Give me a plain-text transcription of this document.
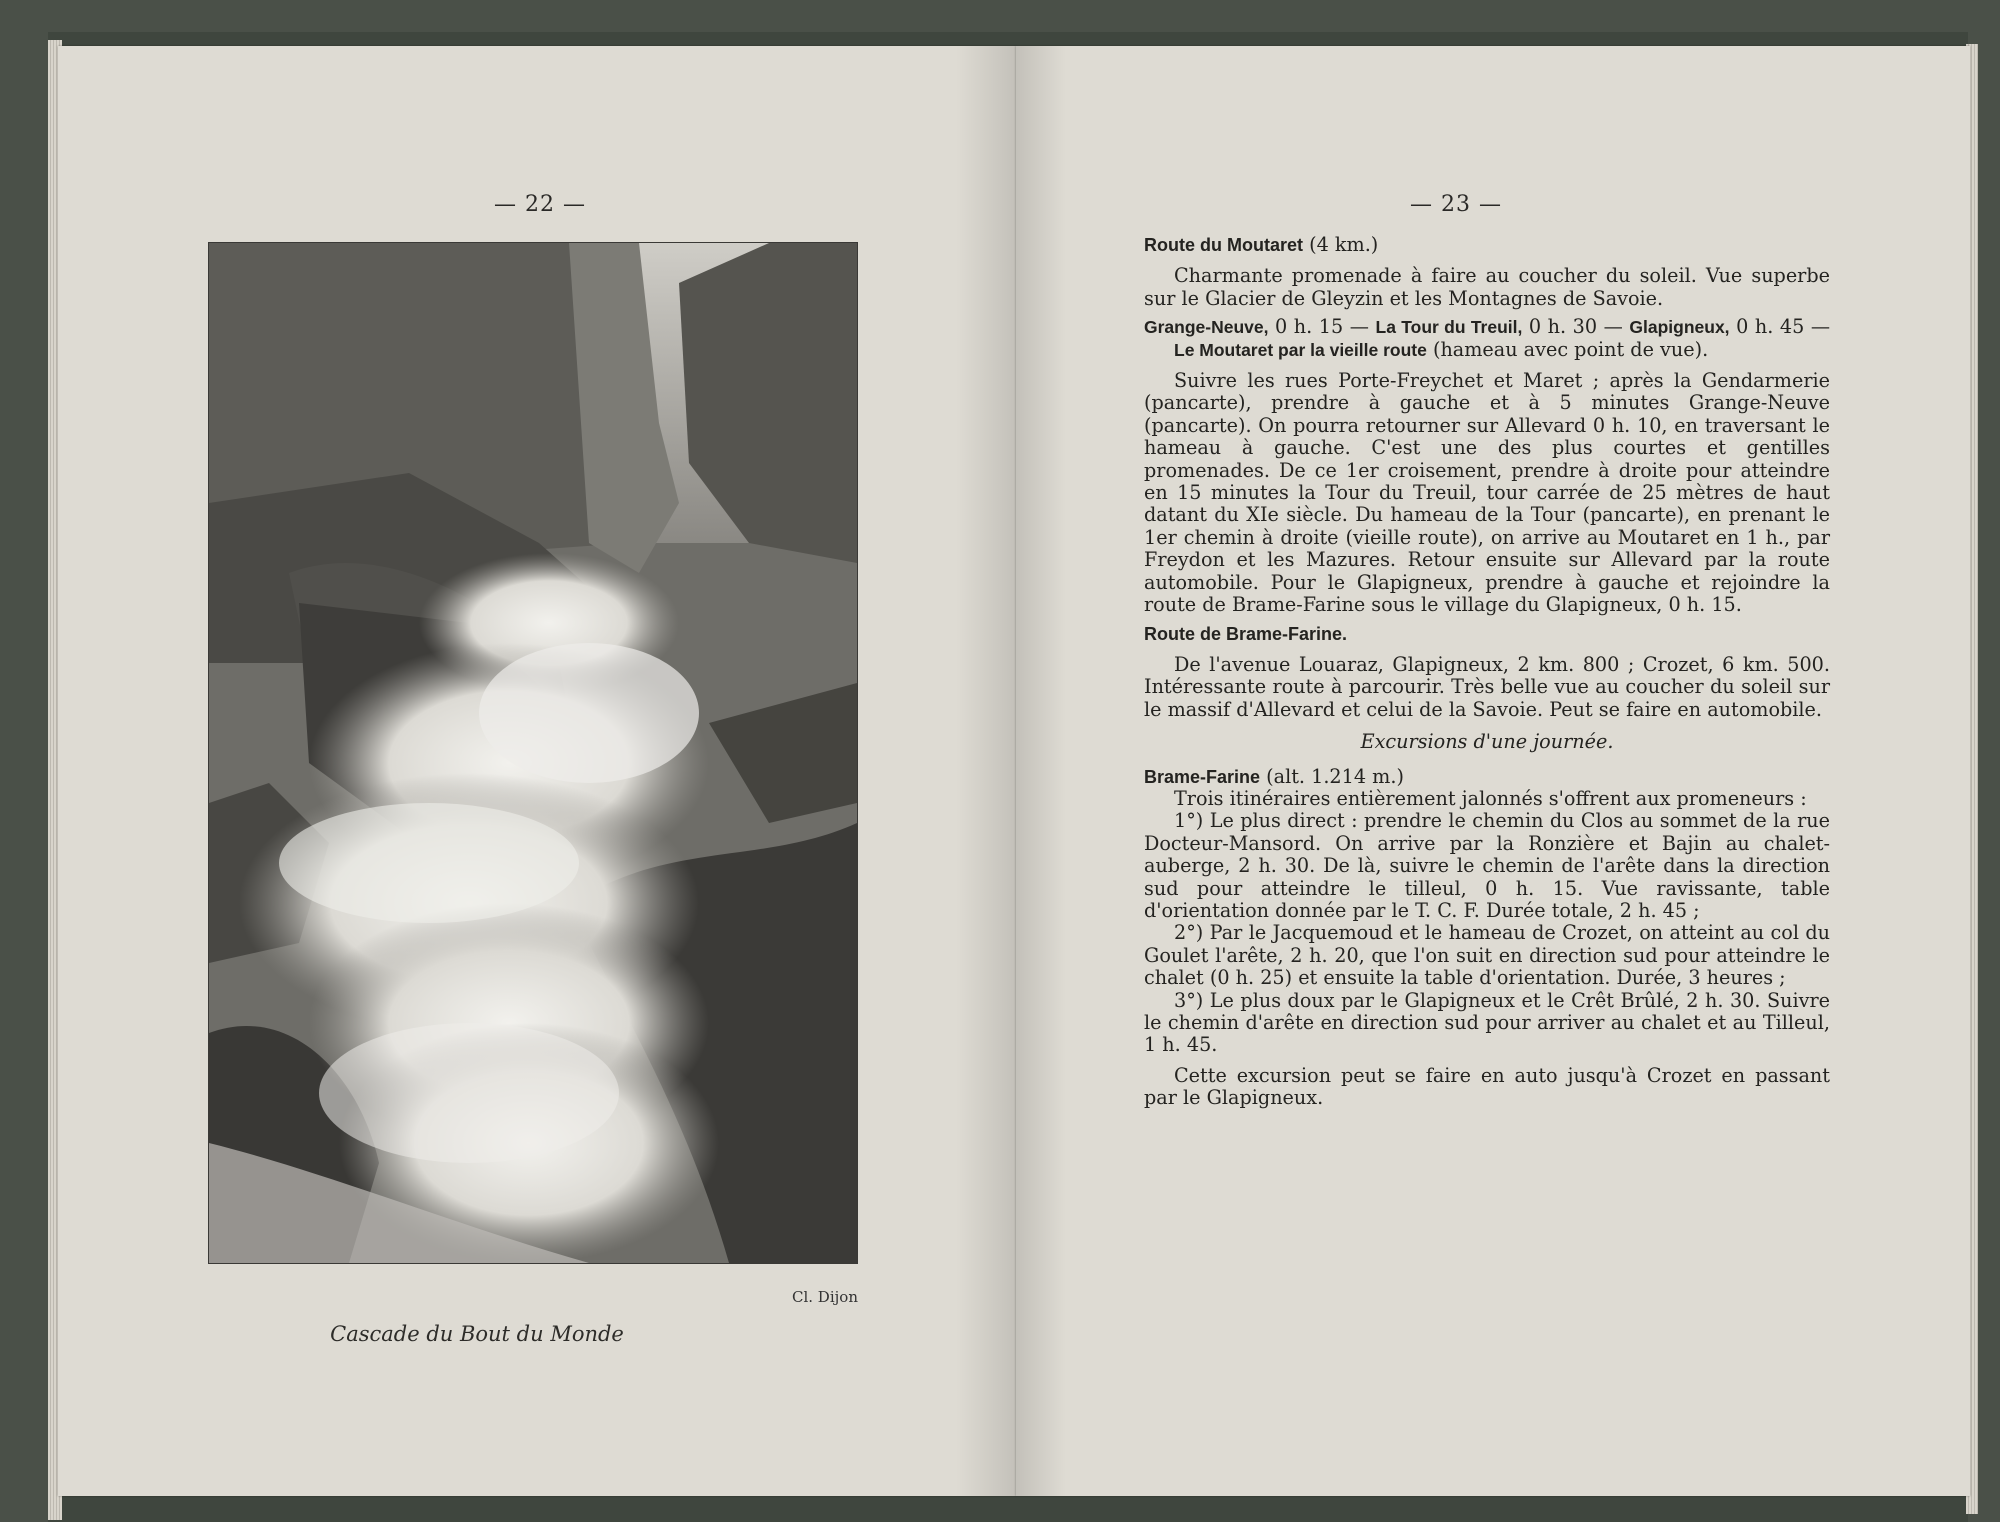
— 22 —
Cl. Dijon
Cascade du Bout du Monde
— 23 —

Route du Moutaret (4 km.)

Charmante promenade à faire au coucher du soleil. Vue superbe sur le Glacier de Gleyzin et les Montagnes de Savoie.

Grange-Neuve, 0 h. 15 — La Tour du Treuil, 0 h. 30 — Glapigneux, 0 h. 45 — Le Moutaret par la vieille route (hameau avec point de vue).

Suivre les rues Porte-Freychet et Maret ; après la Gendarmerie (pancarte), prendre à gauche et à 5 minutes Grange-Neuve (pancarte). On pourra retourner sur Allevard 0 h. 10, en traversant le hameau à gauche. C'est une des plus courtes et gentilles promenades. De ce 1er croisement, prendre à droite pour atteindre en 15 minutes la Tour du Treuil, tour carrée de 25 mètres de haut datant du XIe siècle. Du hameau de la Tour (pancarte), en prenant le 1er chemin à droite (vieille route), on arrive au Moutaret en 1 h., par Freydon et les Mazures. Retour ensuite sur Allevard par la route automobile. Pour le Glapigneux, prendre à gauche et rejoindre la route de Brame-Farine sous le village du Glapigneux, 0 h. 15.

Route de Brame-Farine.

De l'avenue Louaraz, Glapigneux, 2 km. 800 ; Crozet, 6 km. 500. Intéressante route à parcourir. Très belle vue au coucher du soleil sur le massif d'Allevard et celui de la Savoie. Peut se faire en automobile.

Excursions d'une journée.

Brame-Farine (alt. 1.214 m.)

Trois itinéraires entièrement jalonnés s'offrent aux promeneurs :

1°) Le plus direct : prendre le chemin du Clos au sommet de la rue Docteur-Mansord. On arrive par la Ronzière et Bajin au chalet-auberge, 2 h. 30. De là, suivre le chemin de l'arête dans la direction sud pour atteindre le tilleul, 0 h. 15. Vue ravissante, table d'orientation donnée par le T. C. F. Durée totale, 2 h. 45 ;

2°) Par le Jacquemoud et le hameau de Crozet, on atteint au col du Goulet l'arête, 2 h. 20, que l'on suit en direction sud pour atteindre le chalet (0 h. 25) et ensuite la table d'orientation. Durée, 3 heures ;

3°) Le plus doux par le Glapigneux et le Crêt Brûlé, 2 h. 30. Suivre le chemin d'arête en direction sud pour arriver au chalet et au Tilleul, 1 h. 45.

Cette excursion peut se faire en auto jusqu'à Crozet en passant par le Glapigneux.
